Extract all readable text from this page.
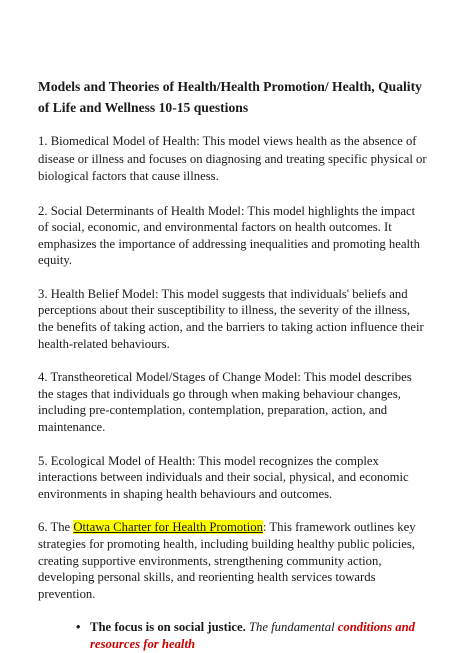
Models and Theories of Health/Health Promotion/ Health, Quality of Life and Wellness 10-15 questions

1. Biomedical Model of Health: This model views health as the absence of disease or illness and focuses on diagnosing and treating specific physical or biological factors that cause illness.

2. Social Determinants of Health Model: This model highlights the impact of social, economic, and environmental factors on health outcomes. It emphasizes the importance of addressing inequalities and promoting health equity.

3. Health Belief Model: This model suggests that individuals' beliefs and perceptions about their susceptibility to illness, the severity of the illness, the benefits of taking action, and the barriers to taking action influence their health-related behaviours.

4. Transtheoretical Model/Stages of Change Model: This model describes the stages that individuals go through when making behaviour changes, including pre-contemplation, contemplation, preparation, action, and maintenance.

5. Ecological Model of Health: This model recognizes the complex interactions between individuals and their social, physical, and economic environments in shaping health behaviours and outcomes.

6. The Ottawa Charter for Health Promotion: This framework outlines key strategies for promoting health, including building healthy public policies, creating supportive environments, strengthening community action, developing personal skills, and reorienting health services towards prevention.

• The focus is on social justice. The fundamental conditions and resources for health
